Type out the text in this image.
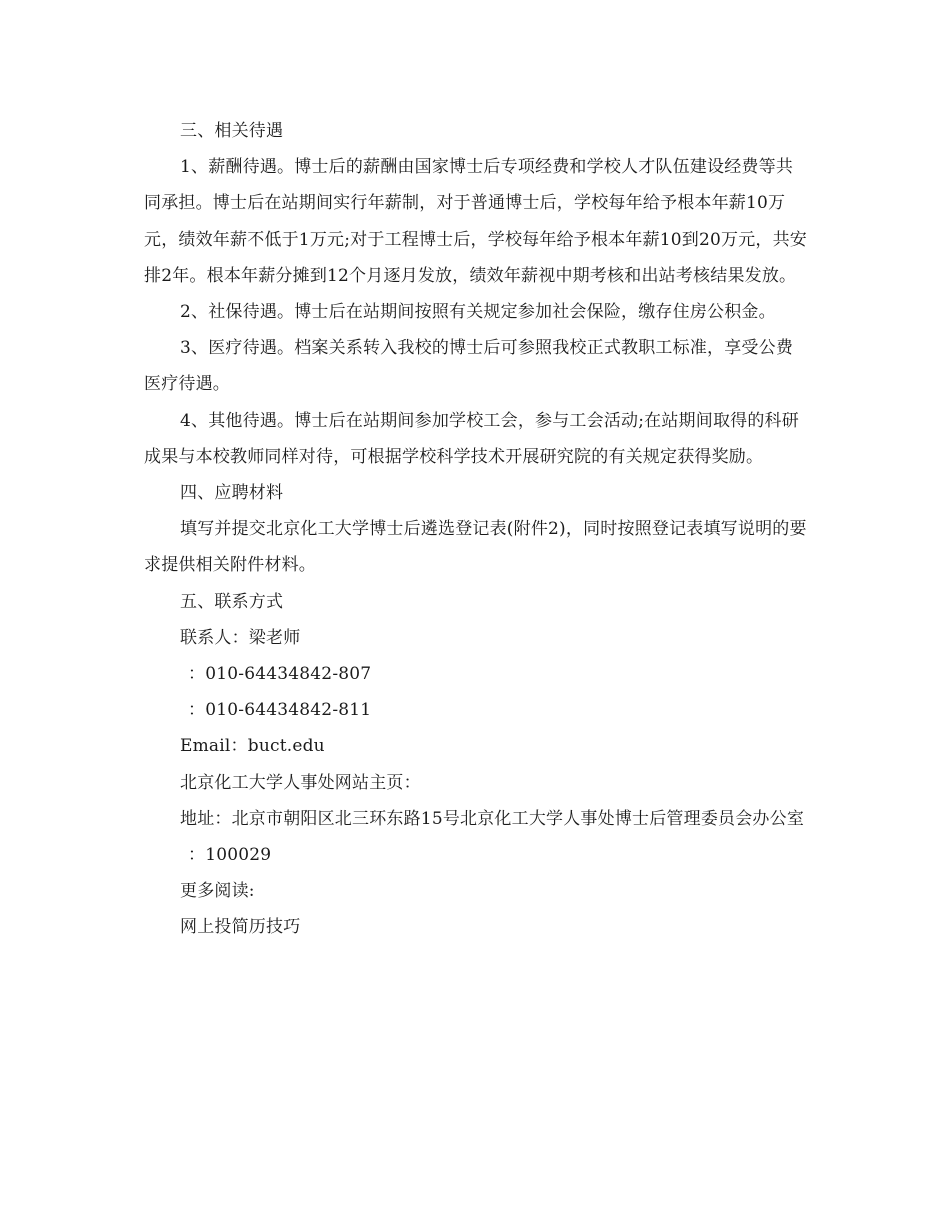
三、相关待遇

1、薪酬待遇。博士后的薪酬由国家博士后专项经费和学校人才队伍建设经费等共同承担。博士后在站期间实行年薪制，对于普通博士后，学校每年给予根本年薪10万元，绩效年薪不低于1万元;对于工程博士后，学校每年给予根本年薪10到20万元，共安排2年。根本年薪分摊到12个月逐月发放，绩效年薪视中期考核和出站考核结果发放。

2、社保待遇。博士后在站期间按照有关规定参加社会保险，缴存住房公积金。

3、医疗待遇。档案关系转入我校的博士后可参照我校正式教职工标准，享受公费医疗待遇。

4、其他待遇。博士后在站期间参加学校工会，参与工会活动;在站期间取得的科研成果与本校教师同样对待，可根据学校科学技术开展研究院的有关规定获得奖励。

四、应聘材料

填写并提交北京化工大学博士后遴选登记表(附件2)，同时按照登记表填写说明的要求提供相关附件材料。

五、联系方式

联系人：梁老师

：010-64434842-807

：010-64434842-811

Email：buct.edu

北京化工大学人事处网站主页：

地址：北京市朝阳区北三环东路15号北京化工大学人事处博士后管理委员会办公室

：100029

更多阅读:

网上投简历技巧
